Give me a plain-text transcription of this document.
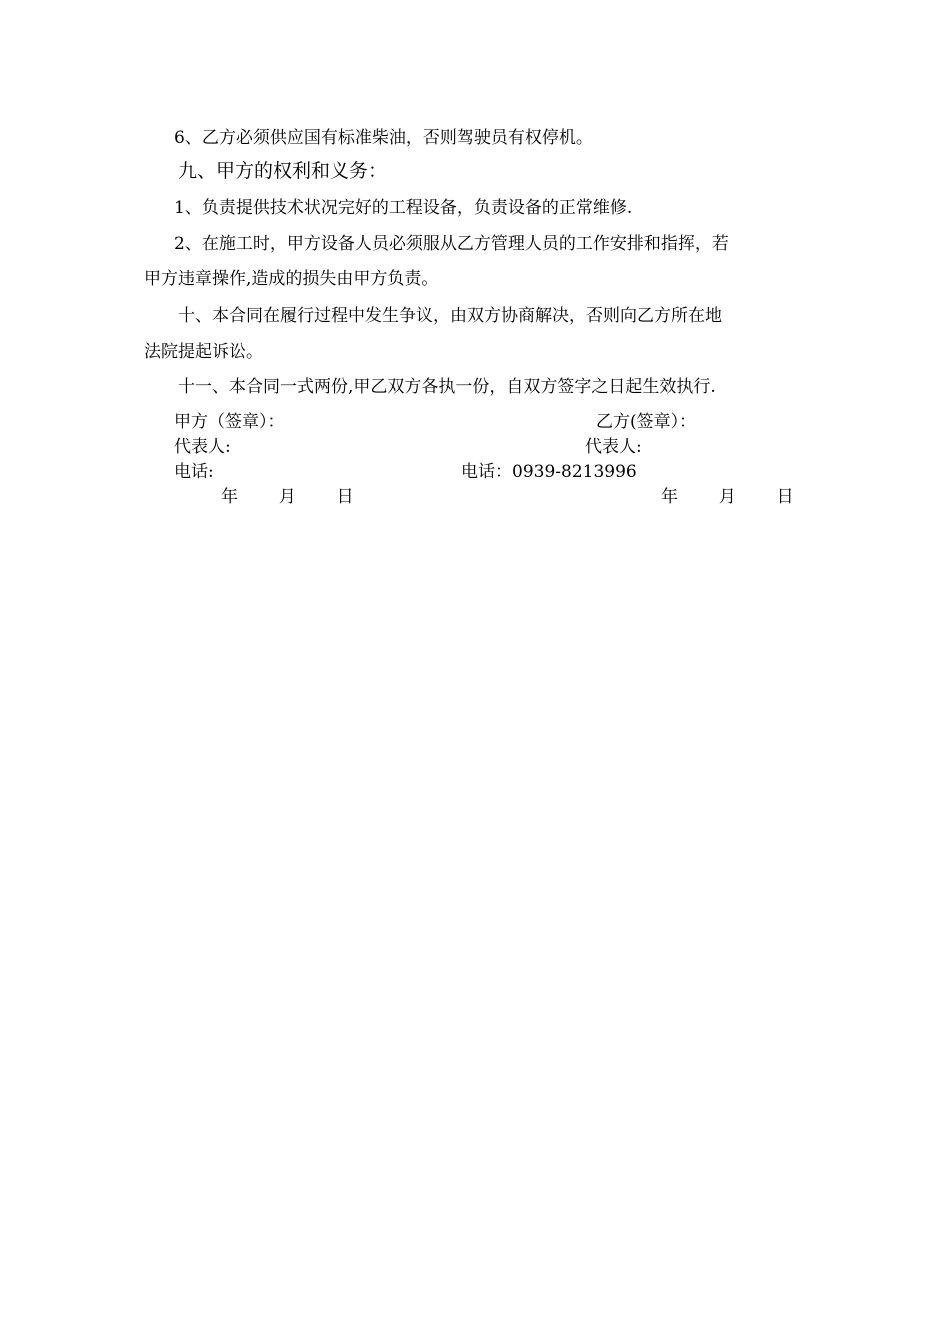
6、乙方必须供应国有标准柴油，否则驾驶员有权停机。
九、甲方的权利和义务：
1、负责提供技术状况完好的工程设备，负责设备的正常维修.
2、在施工时，甲方设备人员必须服从乙方管理人员的工作安排和指挥，若
甲方违章操作,造成的损失由甲方负责。
十、本合同在履行过程中发生争议，由双方协商解决，否则向乙方所在地
法院提起诉讼。
十一、本合同一式两份,甲乙双方各执一份，自双方签字之日起生效执行.
甲方（签章）：
代表人:
电话:
年 月 日
乙方(签章）：
代表人:
电话：0939-8213996
年 月 日
